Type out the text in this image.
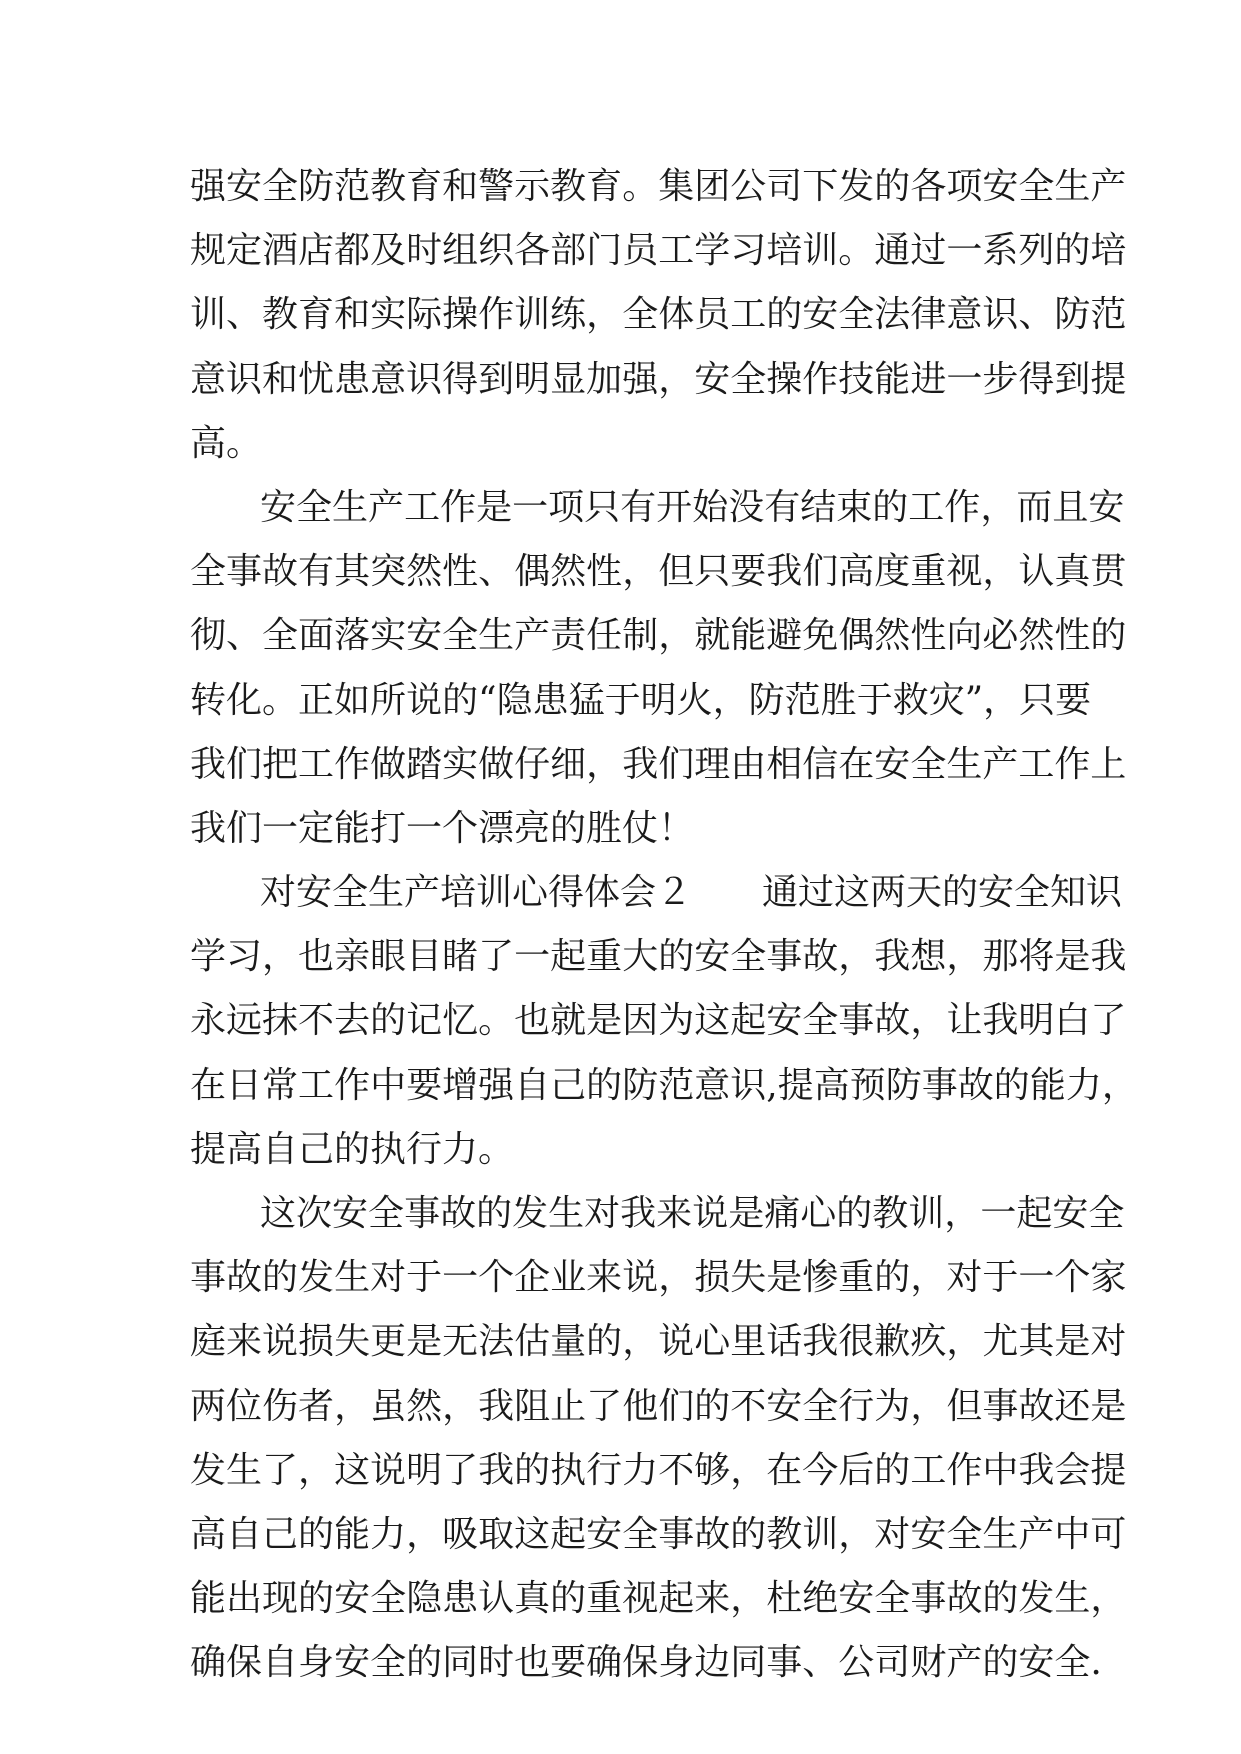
强 安 全 防 范 教 育 和 警 示 教 育 。 集 团 公 司 下 发 的 各 项 安 全 生 产
规 定 酒 店 都 及 时 组 织 各 部 门 员 工 学 习 培 训 。 通 过 一 系 列 的 培
训 、 教 育 和 实 际 操 作 训 练 ， 全 体 员 工 的 安 全 法 律 意 识 、 防 范
意 识 和 忧 患 意 识 得 到 明 显 加 强 ， 安 全 操 作 技 能 进 一 步 得 到 提
高。
安 全 生 产 工 作 是 一 项 只 有 开 始 没 有 结 束 的 工 作 ， 而 且 安
全 事 故 有 其 突 然 性 、 偶 然 性 ， 但 只 要 我 们 高 度 重 视 ， 认 真 贯
彻 、 全 面 落 实 安 全 生 产 责 任 制 ， 就 能 避 免 偶 然 性 向 必 然 性 的
转 化 。 正 如 所 说 的 “ 隐 患 猛 于 明 火 ， 防 范 胜 于 救 灾 ” ， 只 要
我 们 把 工 作 做 踏 实 做 仔 细 ， 我 们 理 由 相 信 在 安 全 生 产 工 作 上
我们一定能打一个漂亮的胜仗！
对安全生产培训心得体会２ 通过这两天的安全知识
学 习 ， 也 亲 眼 目 睹 了 一 起 重 大 的 安 全 事 故 ， 我 想 ， 那 将 是 我
永 远 抹 不 去 的 记 忆 。 也 就 是 因 为 这 起 安 全 事 故 ， 让 我 明 白 了
在 日 常 工 作 中 要 增 强 自 己 的 防 范 意 识 , 提 高 预 防 事 故 的 能 力 ，
提高自己的执行力。
这 次 安 全 事 故 的 发 生 对 我 来 说 是 痛 心 的 教 训 ， 一 起 安 全
事 故 的 发 生 对 于 一 个 企 业 来 说 ， 损 失 是 惨 重 的 ， 对 于 一 个 家
庭 来 说 损 失 更 是 无 法 估 量 的 ， 说 心 里 话 我 很 歉 疚 ， 尤 其 是 对
两 位 伤 者 ， 虽 然 ， 我 阻 止 了 他 们 的 不 安 全 行 为 ， 但 事 故 还 是
发 生 了 ， 这 说 明 了 我 的 执 行 力 不 够 ， 在 今 后 的 工 作 中 我 会 提
高 自 己 的 能 力 ， 吸 取 这 起 安 全 事 故 的 教 训 ， 对 安 全 生 产 中 可
能 出 现 的 安 全 隐 患 认 真 的 重 视 起 来 ， 杜 绝 安 全 事 故 的 发 生 ，
确 保 自 身 安 全 的 同 时 也 要 确 保 身 边 同 事 、 公 司 财 产 的 安 全 .
